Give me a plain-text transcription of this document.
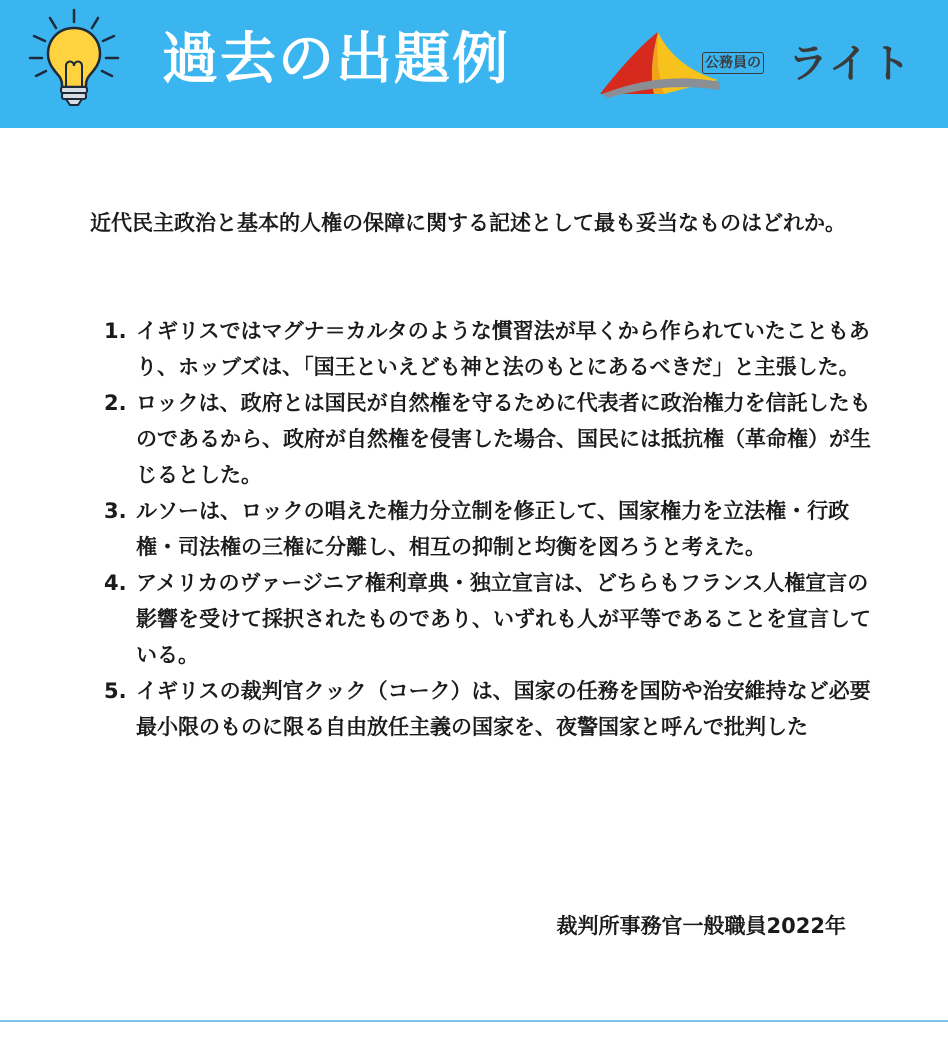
過去の出題例	公務員の ライト

近代民主政治と基本的人権の保障に関する記述として最も妥当なものはどれか。

1. イギリスではマグナ＝カルタのような慣習法が早くから作られていたこともあり、ホッブズは、「国王といえども神と法のもとにあるべきだ」と主張した。
2. ロックは、政府とは国民が自然権を守るために代表者に政治権力を信託したものであるから、政府が自然権を侵害した場合、国民には抵抗権（革命権）が生じるとした。
3. ルソーは、ロックの唱えた権力分立制を修正して、国家権力を立法権・行政権・司法権の三権に分離し、相互の抑制と均衡を図ろうと考えた。
4. アメリカのヴァージニア権利章典・独立宣言は、どちらもフランス人権宣言の影響を受けて採択されたものであり、いずれも人が平等であることを宣言している。
5. イギリスの裁判官クック（コーク）は、国家の任務を国防や治安維持など必要最小限のものに限る自由放任主義の国家を、夜警国家と呼んで批判した
裁判所事務官一般職員2022年
